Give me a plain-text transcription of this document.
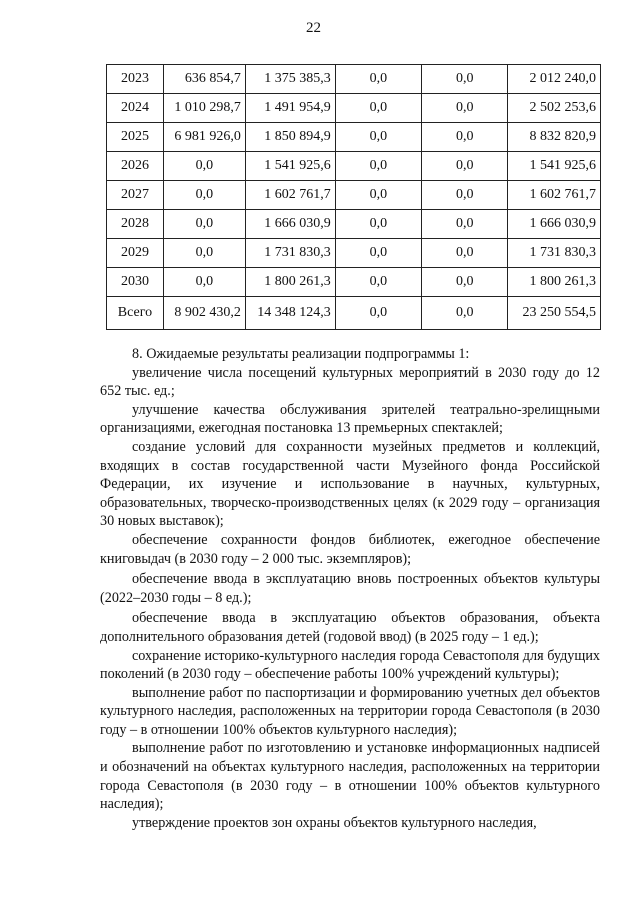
22
2023	636 854,7	1 375 385,3	0,0	0,0	2 012 240,0
2024	1 010 298,7	1 491 954,9	0,0	0,0	2 502 253,6
2025	6 981 926,0	1 850 894,9	0,0	0,0	8 832 820,9
2026	0,0	1 541 925,6	0,0	0,0	1 541 925,6
2027	0,0	1 602 761,7	0,0	0,0	1 602 761,7
2028	0,0	1 666 030,9	0,0	0,0	1 666 030,9
2029	0,0	1 731 830,3	0,0	0,0	1 731 830,3
2030	0,0	1 800 261,3	0,0	0,0	1 800 261,3
Всего	8 902 430,2	14 348 124,3	0,0	0,0	23 250 554,5

8. Ожидаемые результаты реализации подпрограммы 1:

увеличение числа посещений культурных мероприятий в 2030 году до 12 652 тыс. ед.;

улучшение качества обслуживания зрителей театрально-зрелищными организациями, ежегодная постановка 13 премьерных спектаклей;

создание условий для сохранности музейных предметов и коллекций, входящих в состав государственной части Музейного фонда Российской Федерации, их изучение и использование в научных, культурных, образовательных, творческо-производственных целях (к 2029 году – организация 30 новых выставок);

обеспечение сохранности фондов библиотек, ежегодное обеспечение книговыдач (в 2030 году – 2 000 тыс. экземпляров);

обеспечение ввода в эксплуатацию вновь построенных объектов культуры (2022–2030 годы – 8 ед.);

обеспечение ввода в эксплуатацию объектов образования, объекта дополнительного образования детей (годовой ввод) (в 2025 году – 1 ед.);

сохранение историко-культурного наследия города Севастополя для будущих поколений (в 2030 году – обеспечение работы 100% учреждений культуры);

выполнение работ по паспортизации и формированию учетных дел объектов культурного наследия, расположенных на территории города Севастополя (в 2030 году – в отношении 100% объектов культурного наследия);

выполнение работ по изготовлению и установке информационных надписей и обозначений на объектах культурного наследия, расположенных на территории города Севастополя (в 2030 году – в отношении 100% объектов культурного наследия);

утверждение проектов зон охраны объектов культурного наследия,
